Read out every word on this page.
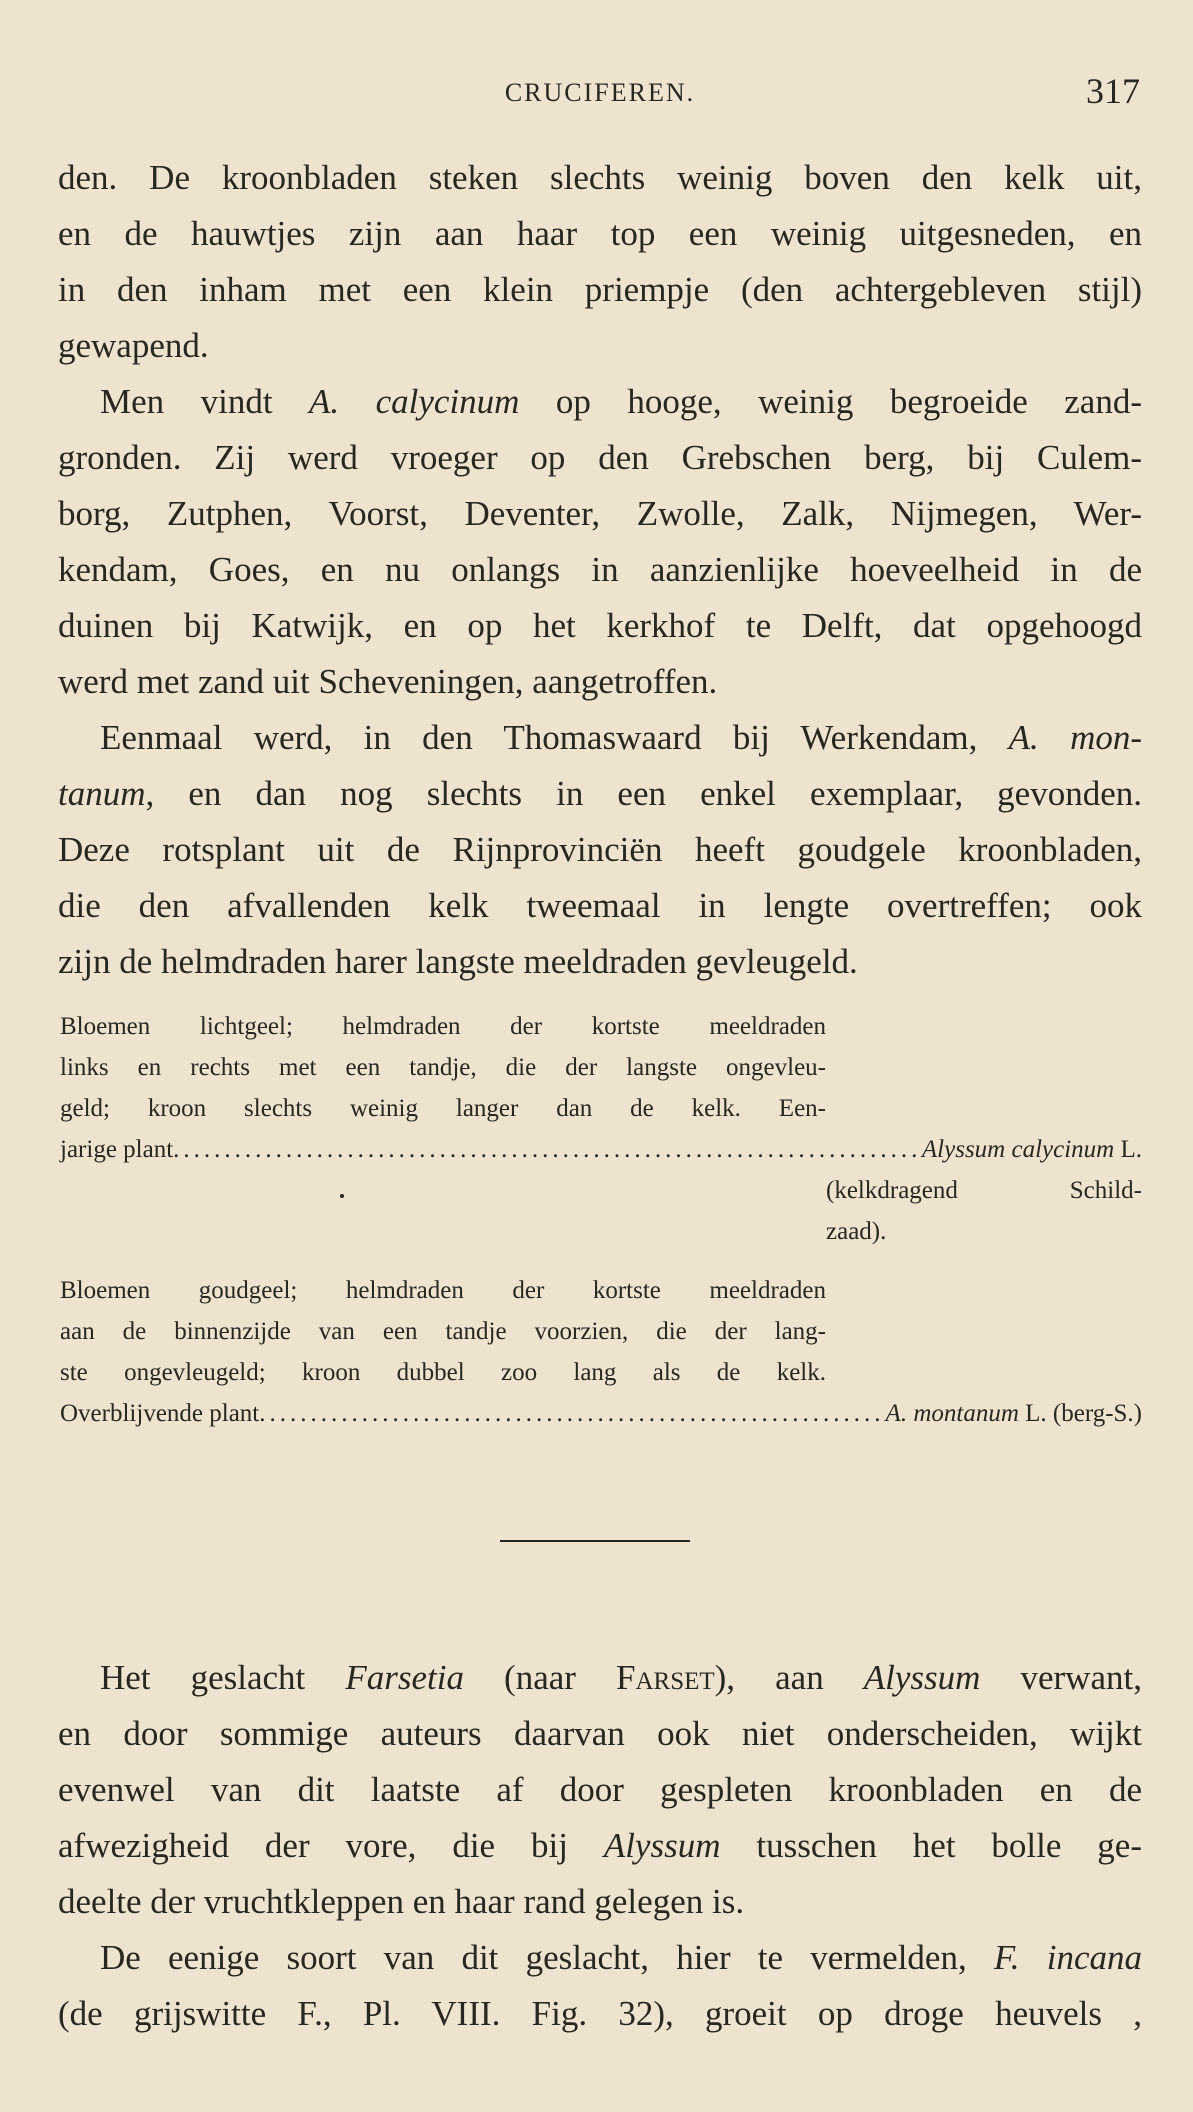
CRUCIFEREN.	317
den. De kroonbladen steken slechts weinig boven den kelk uit,
en de hauwtjes zijn aan haar top een weinig uitgesneden, en
in den inham met een klein priempje (den achtergebleven stijl)
gewapend.
Men vindt A. calycinum op hooge, weinig begroeide zand-
gronden. Zij werd vroeger op den Grebschen berg, bij Culem-
borg, Zutphen, Voorst, Deventer, Zwolle, Zalk, Nijmegen, Wer-
kendam, Goes, en nu onlangs in aanzienlijke hoeveelheid in de
duinen bij Katwijk, en op het kerkhof te Delft, dat opgehoogd
werd met zand uit Scheveningen, aangetroffen.
Eenmaal werd, in den Thomaswaard bij Werkendam, A. mon-
tanum, en dan nog slechts in een enkel exemplaar, gevonden.
Deze rotsplant uit de Rijnprovinciën heeft goudgele kroonbladen,
die den afvallenden kelk tweemaal in lengte overtreffen; ook
zijn de helmdraden harer langste meeldraden gevleugeld.
Bloemen lichtgeel; helmdraden der kortste meeldraden
links en rechts met een tandje, die der langste ongevleu-
geld; kroon slechts weinig langer dan de kelk. Een-
jarige plant .....	Alyssum calycinum L.
(kelkdragend Schild-
zaad).
Bloemen goudgeel; helmdraden der kortste meeldraden
aan de binnenzijde van een tandje voorzien, die der lang-
ste ongevleugeld; kroon dubbel zoo lang als de kelk.
Overblijvende plant .....	A. montanum L. (berg-S.)
Het geslacht Farsetia (naar Farset), aan Alyssum verwant,
en door sommige auteurs daarvan ook niet onderscheiden, wijkt
evenwel van dit laatste af door gespleten kroonbladen en de
afwezigheid der vore, die bij Alyssum tusschen het bolle ge-
deelte der vruchtkleppen en haar rand gelegen is.
De eenige soort van dit geslacht, hier te vermelden, F. incana
(de grijswitte F., Pl. VIII. Fig. 32), groeit op droge heuvels ,
